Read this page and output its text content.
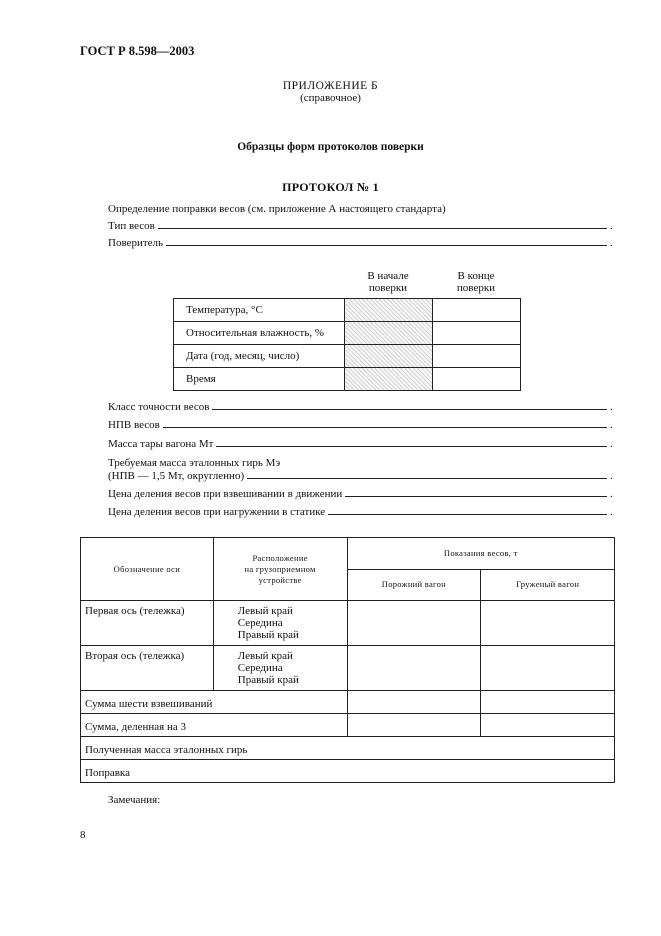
ГОСТ Р 8.598—2003
ПРИЛОЖЕНИЕ Б
(справочное)
Образцы форм протоколов поверки
ПРОТОКОЛ № 1
Определение поправки весов (см. приложение А настоящего стандарта)
Тип весов	.
Поверитель	.
В начале
поверки
В конце
поверки
Температура, °С		
Относительная влажность, %		
Дата (год, месяц, число)		
Время		
Класс точности весов	.
НПВ весов	.
Масса тары вагона Mт	.
Требуемая масса эталонных гирь Mэ
(НПВ — 1,5 Mт, округленно)	.
Цена деления весов при взвешивании в движении	.
Цена деления весов при нагружении в статике	.
Обозначение оси	Расположение
на грузоприемном
устройстве	Показания весов, т	
		Порожний вагон	Груженый вагон
Первая ось (тележка)	Левый край
Середина
Правый край		

Вторая ось (тележка)	Левый край
Середина
Правый край		

Сумма шести взвешиваний			
Сумма, деленная на 3			
Полученная масса эталонных гирь			
Поправка			
Замечания:
8
